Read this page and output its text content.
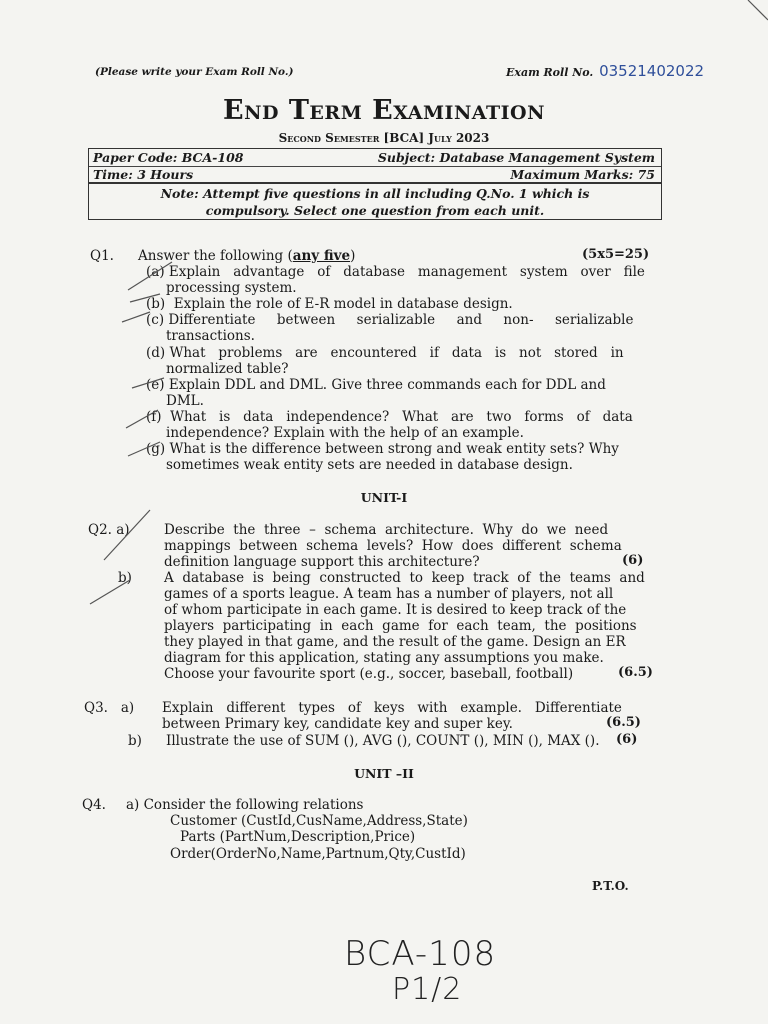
(Please write your Exam Roll No.)	Exam Roll No. 03521402022
End Term Examination
Second Semester [BCA] July 2023
Paper Code: BCA-108	Subject: Database Management System
Time: 3 Hours	Maximum Marks: 75
Note: Attempt five questions in all including Q.No. 1 which is
compulsory. Select one question from each unit.
Q1. Answer the following (any five)	(5x5=25)
(a) Explain   advantage   of   database   management   system   over   file
processing system.
(b)  Explain the role of E-R model in database design.
(c) Differentiate     between     serializable     and     non-     serializable
transactions.
(d) What   problems   are   encountered   if   data   is   not   stored   in
normalized table?
(e) Explain DDL and DML. Give three commands each for DDL and
DML.
(f)  What   is   data   independence?   What   are   two   forms   of   data
independence? Explain with the help of an example.
(g) What is the difference between strong and weak entity sets? Why
sometimes weak entity sets are needed in database design.
UNIT-I
Q2. a)	Describe  the  three  –  schema  architecture.  Why  do  we  need
mappings  between  schema  levels?  How  does  different  schema
definition language support this architecture?	(6)
b) A  database  is  being  constructed  to  keep  track  of  the  teams  and
games of a sports league. A team has a number of players, not all
of whom participate in each game. It is desired to keep track of the
players  participating  in  each  game  for  each  team,  the  positions
they played in that game, and the result of the game. Design an ER
diagram for this application, stating any assumptions you make.
Choose your favourite sport (e.g., soccer, baseball, football)	(6.5)
Q3.   a) Explain   different   types   of   keys   with   example.   Differentiate
between Primary key, candidate key and super key.	(6.5)
b) Illustrate the use of SUM (), AVG (), COUNT (), MIN (), MAX (). (6)
UNIT –II
Q4. a) Consider the following relations
Customer (CustId,CusName,Address,State)
Parts (PartNum,Description,Price)
Order(OrderNo,Name,Partnum,Qty,CustId)
P.T.O.
BCA-108
P1/2
